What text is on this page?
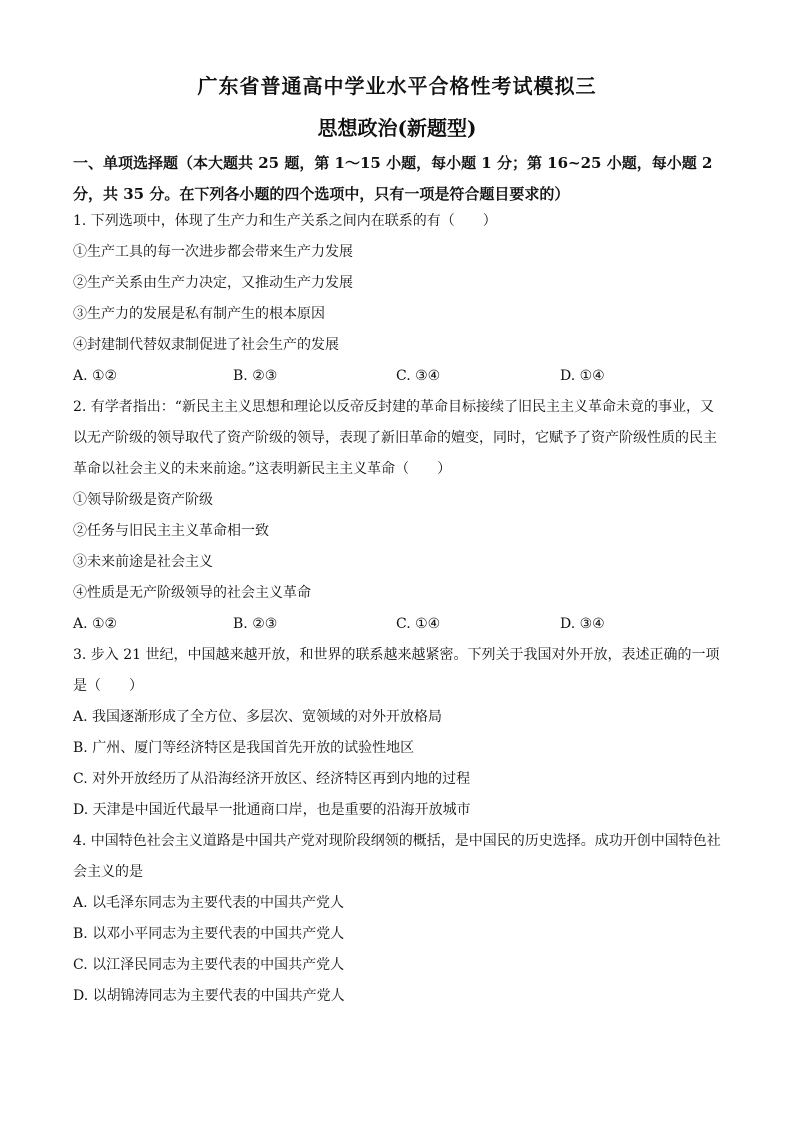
广东省普通高中学业水平合格性考试模拟三
思想政治(新题型)
一、单项选择题（本大题共 25 题，第 1～15 小题，每小题 1 分；第 16~25 小题，每小题 2 分，共 35 分。在下列各小题的四个选项中，只有一项是符合题目要求的）
1. 下列选项中，体现了生产力和生产关系之间内在联系的有（　　）
①生产工具的每一次进步都会带来生产力发展
②生产关系由生产力决定，又推动生产力发展
③生产力的发展是私有制产生的根本原因
④封建制代替奴隶制促进了社会生产的发展
A. ①②	B. ②③	C. ③④	D. ①④
2. 有学者指出：“新民主主义思想和理论以反帝反封建的革命目标接续了旧民主主义革命未竟的事业，又以无产阶级的领导取代了资产阶级的领导，表现了新旧革命的嬗变，同时，它赋予了资产阶级性质的民主革命以社会主义的未来前途。”这表明新民主主义革命（　　）
①领导阶级是资产阶级
②任务与旧民主主义革命相一致
③未来前途是社会主义
④性质是无产阶级领导的社会主义革命
A. ①②	B. ②③	C. ①④	D. ③④
3. 步入 21 世纪，中国越来越开放，和世界的联系越来越紧密。下列关于我国对外开放，表述正确的一项是（　　）
A. 我国逐渐形成了全方位、多层次、宽领域的对外开放格局
B. 广州、厦门等经济特区是我国首先开放的试验性地区
C. 对外开放经历了从沿海经济开放区、经济特区再到内地的过程
D. 天津是中国近代最早一批通商口岸，也是重要的沿海开放城市
4. 中国特色社会主义道路是中国共产党对现阶段纲领的概括，是中国民的历史选择。成功开创中国特色社会主义的是
A. 以毛泽东同志为主要代表的中国共产党人
B. 以邓小平同志为主要代表的中国共产党人
C. 以江泽民同志为主要代表的中国共产党人
D. 以胡锦涛同志为主要代表的中国共产党人
